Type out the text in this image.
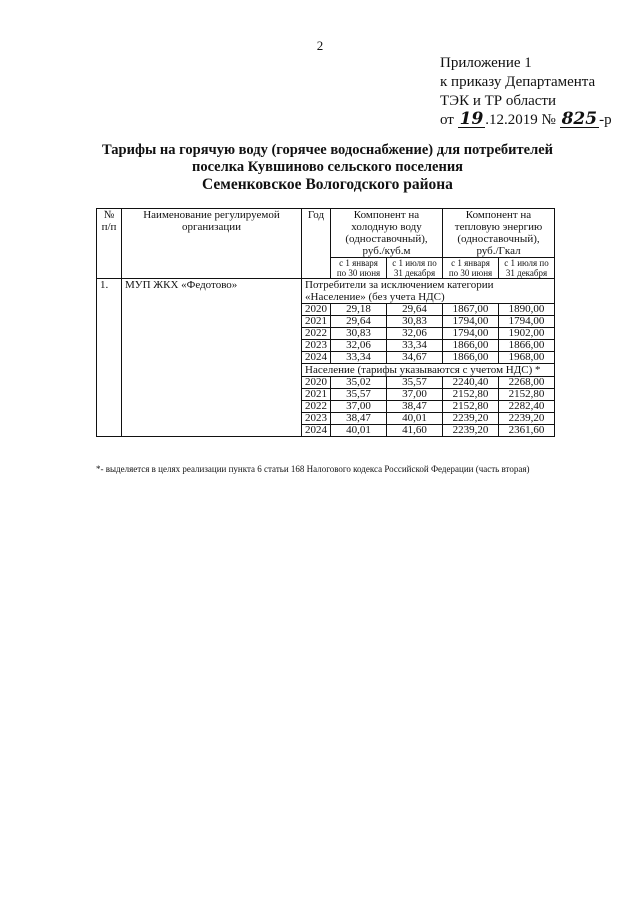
2
Приложение 1
к приказу Департамента
ТЭК и ТР области
от 19 .12.2019 № 825 -р
Тарифы на горячую воду (горячее водоснабжение) для потребителей
поселка Кувшиново сельского поселения
Семенковское Вологодского района
№ п/п	Наименование регулируемой организации	Год	Компонент на холодную воду (одноставочный), руб./куб.м		Компонент на тепловую энергию (одноставочный), руб./Гкал	
			с 1 января по 30 июня	с 1 июля по 31 декабря	с 1 января по 30 июня	с 1 июля по 31 декабря
1.	МУП ЖКХ «Федотово»	Потребители за исключением категории «Население» (без учета НДС)				
		2020	29,18	29,64	1867,00	1890,00
		2021	29,64	30,83	1794,00	1794,00
		2022	30,83	32,06	1794,00	1902,00
		2023	32,06	33,34	1866,00	1866,00
		2024	33,34	34,67	1866,00	1968,00
		Население (тарифы указываются с учетом НДС) *				
		2020	35,02	35,57	2240,40	2268,00
		2021	35,57	37,00	2152,80	2152,80
		2022	37,00	38,47	2152,80	2282,40
		2023	38,47	40,01	2239,20	2239,20
		2024	40,01	41,60	2239,20	2361,60
*- выделяется в целях реализации пункта 6 статьи 168 Налогового кодекса Российской Федерации (часть вторая)
